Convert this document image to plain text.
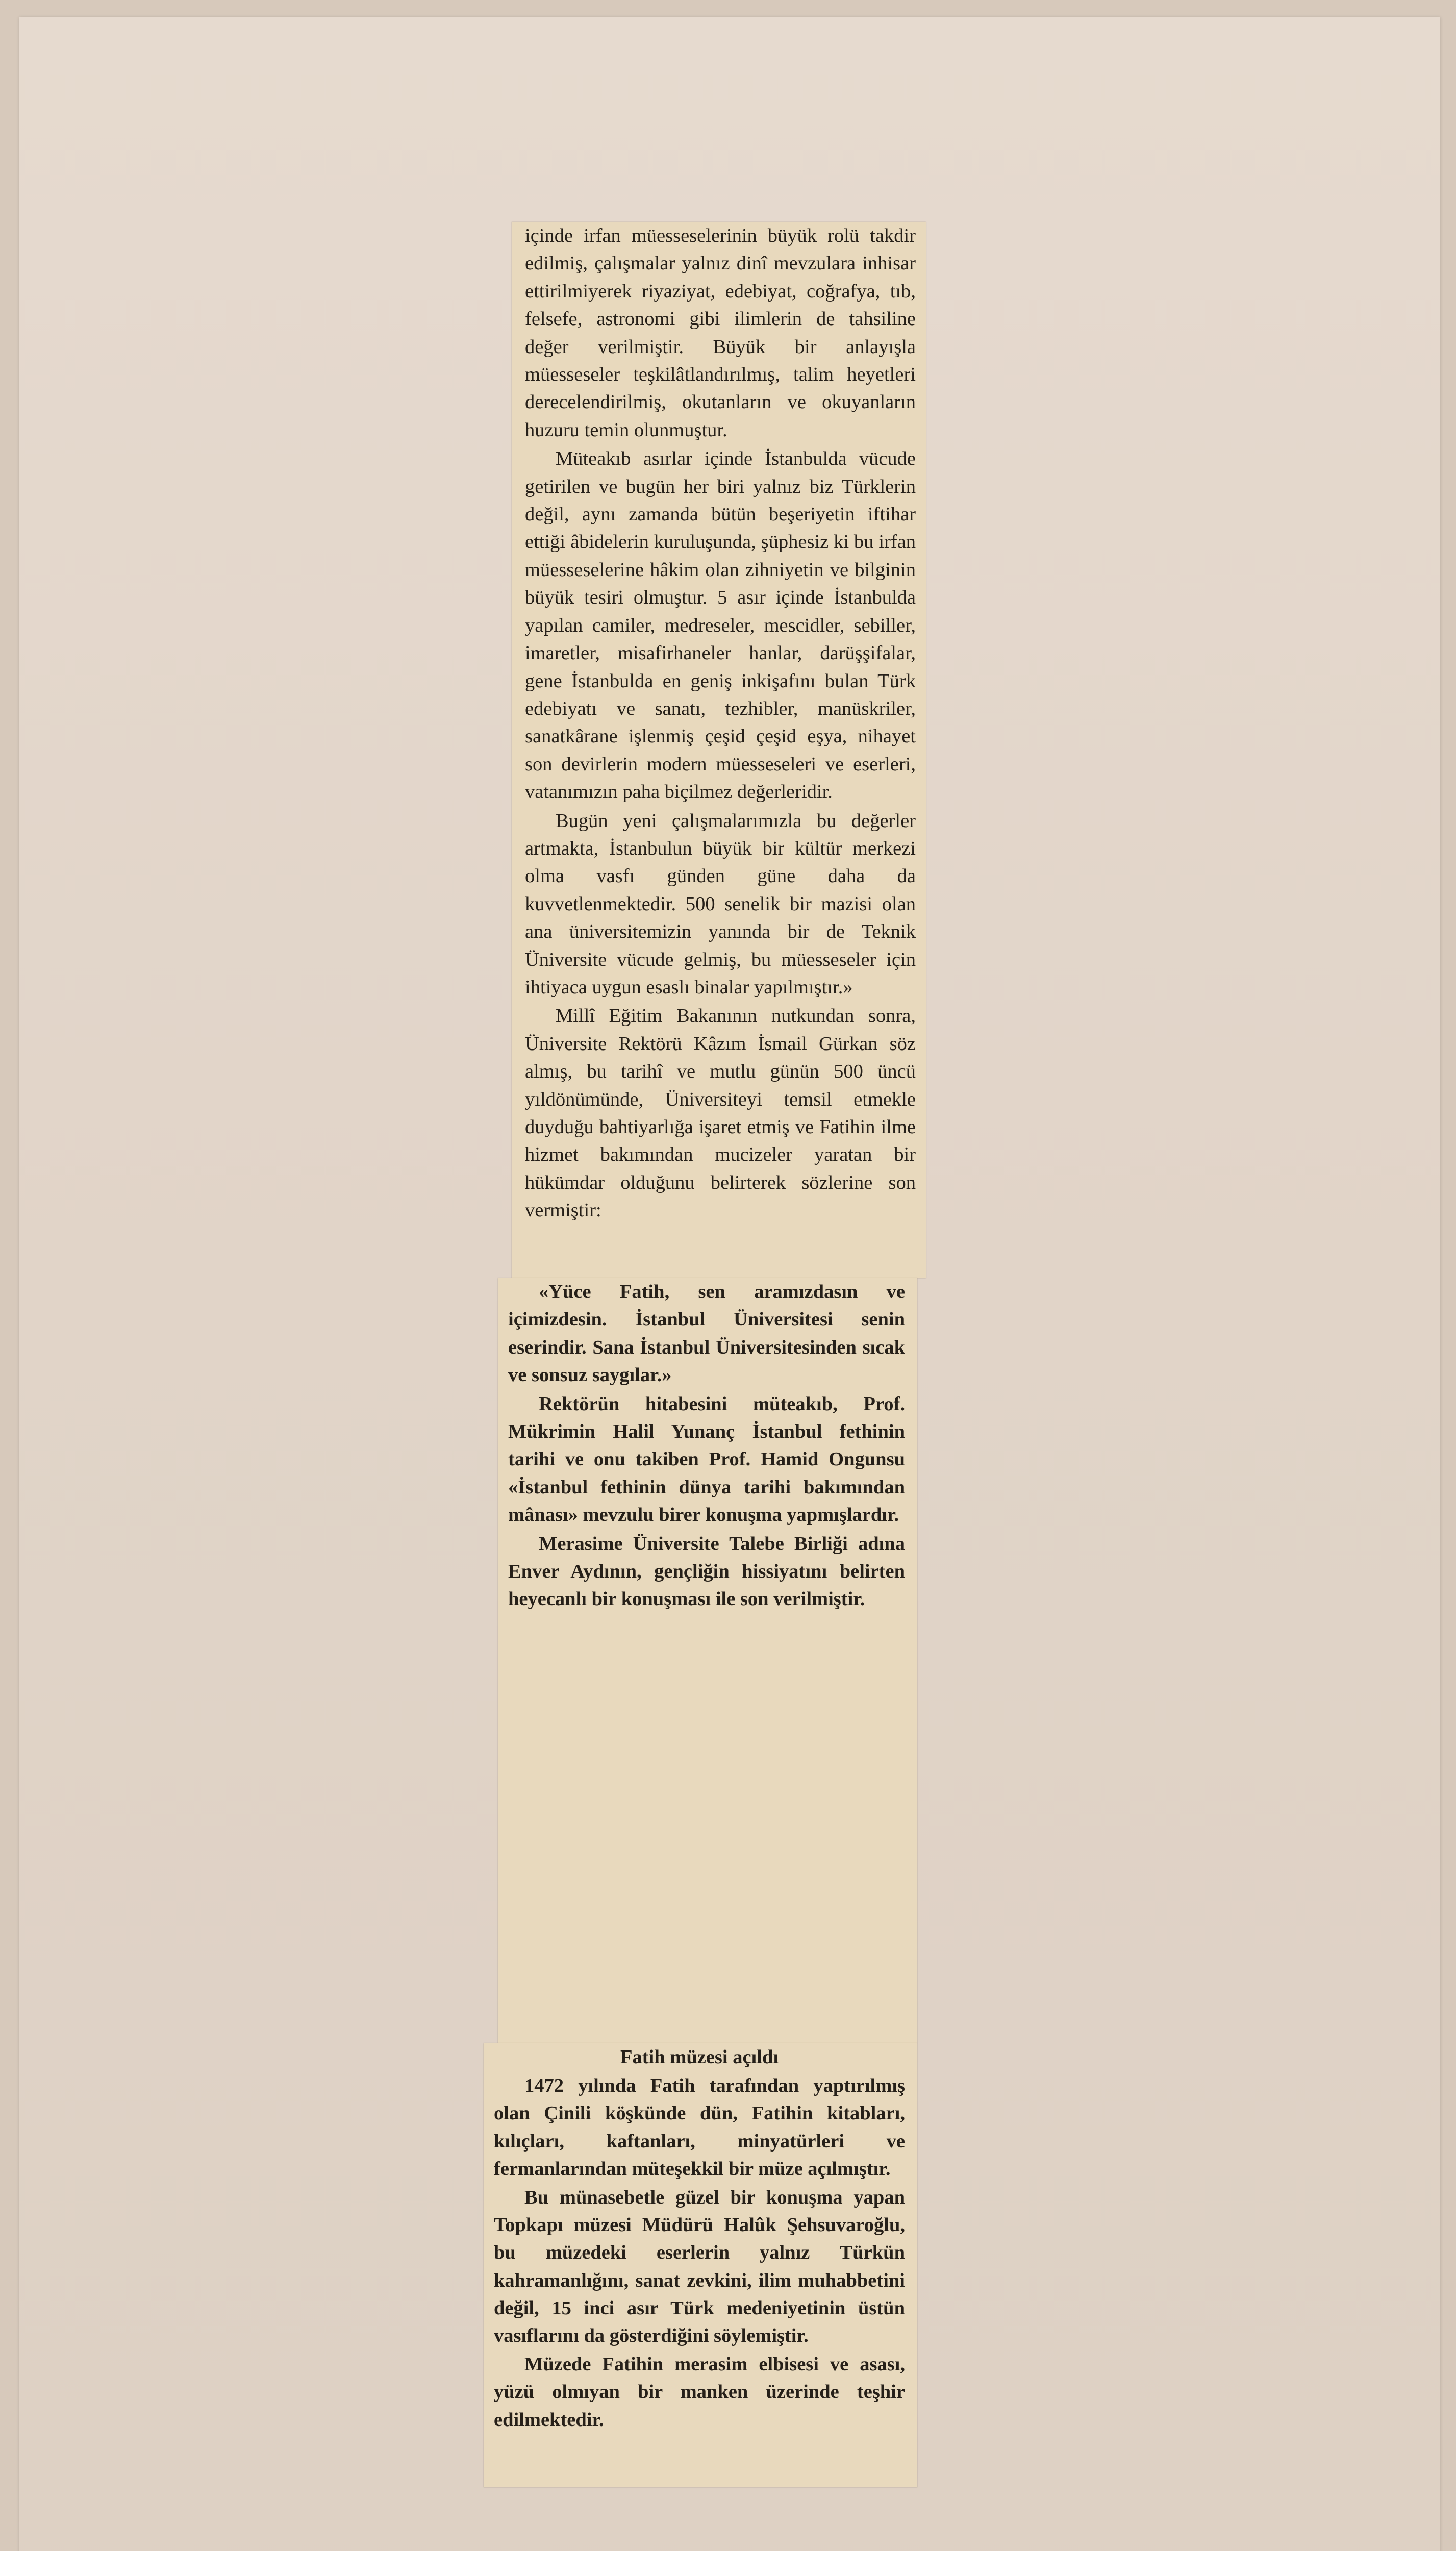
içinde irfan müesseselerinin büyük rolü takdir edilmiş, çalışmalar yalnız dinî mevzulara inhisar ettirilmiyerek riyaziyat, edebiyat, coğrafya, tıb, felsefe, astronomi gibi ilimlerin de tahsiline değer verilmiştir. Büyük bir anlayışla müesseseler teşkilâtlandırılmış, talim heyetleri derecelendirilmiş, okutanların ve okuyanların huzuru temin olunmuştur.

Müteakıb asırlar içinde İstanbulda vücude getirilen ve bugün her biri yalnız biz Türklerin değil, aynı zamanda bütün beşeriyetin iftihar ettiği âbidelerin kuruluşunda, şüphesiz ki bu irfan müesseselerine hâkim olan zihniyetin ve bilginin büyük tesiri olmuştur. 5 asır içinde İstanbulda yapılan camiler, medreseler, mescidler, sebiller, imaretler, misafirhaneler hanlar, darüşşifalar, gene İstanbulda en geniş inkişafını bulan Türk edebiyatı ve sanatı, tezhibler, manüskriler, sanatkârane işlenmiş çeşid çeşid eşya, nihayet son devirlerin modern müesseseleri ve eserleri, vatanımızın paha biçilmez değerleridir.

Bugün yeni çalışmalarımızla bu değerler artmakta, İstanbulun büyük bir kültür merkezi olma vasfı günden güne daha da kuvvetlenmektedir. 500 senelik bir mazisi olan ana üniversitemizin yanında bir de Teknik Üniversite vücude gelmiş, bu müesseseler için ihtiyaca uygun esaslı binalar yapılmıştır.»

Millî Eğitim Bakanının nutkundan sonra, Üniversite Rektörü Kâzım İsmail Gürkan söz almış, bu tarihî ve mutlu günün 500 üncü yıldönümünde, Üniversiteyi temsil etmekle duyduğu bahtiyarlığa işaret etmiş ve Fatihin ilme hizmet bakımından mucizeler yaratan bir hükümdar olduğunu belirterek sözlerine son vermiştir:

«Yüce Fatih, sen aramızdasın ve içimizdesin. İstanbul Üniversitesi senin eserindir. Sana İstanbul Üniversitesinden sıcak ve sonsuz saygılar.»

Rektörün hitabesini müteakıb, Prof. Mükrimin Halil Yunanç İstanbul fethinin tarihi ve onu takiben Prof. Hamid Ongunsu «İstanbul fethinin dünya tarihi bakımından mânası» mevzulu birer konuşma yapmışlardır.

Merasime Üniversite Talebe Birliği adına Enver Aydının, gençliğin hissiyatını belirten heyecanlı bir konuşması ile son verilmiştir.

Fatih müzesi açıldı

1472 yılında Fatih tarafından yaptırılmış olan Çinili köşkünde dün, Fatihin kitabları, kılıçları, kaftanları, minyatürleri ve fermanlarından müteşekkil bir müze açılmıştır.

Bu münasebetle güzel bir konuşma yapan Topkapı müzesi Müdürü Halûk Şehsuvaroğlu, bu müzedeki eserlerin yalnız Türkün kahramanlığını, sanat zevkini, ilim muhabbetini değil, 15 inci asır Türk medeniyetinin üstün vasıflarını da gösterdiğini söylemiştir.

Müzede Fatihin merasim elbisesi ve asası, yüzü olmıyan bir manken üzerinde teşhir edilmektedir.
